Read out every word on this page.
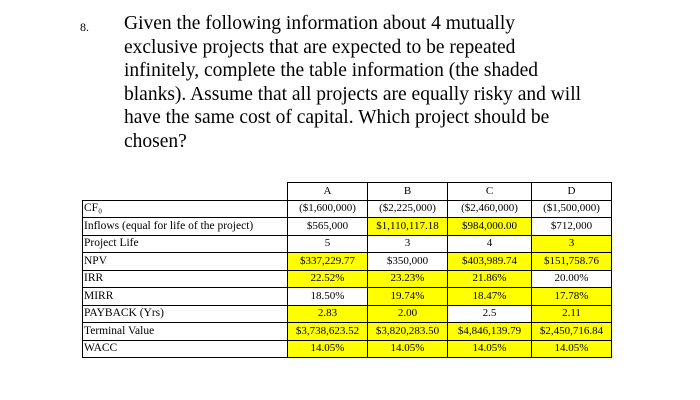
8. Given the following information about 4 mutually
exclusive projects that are expected to be repeated
infinitely, complete the table information (the shaded
blanks). Assume that all projects are equally risky and will
have the same cost of capital. Which project should be
chosen?

	A	B	C	D
CF₀	($1,600,000)	($2,225,000)	($2,460,000)	($1,500,000)
Inflows (equal for life of the project)	$565,000	$1,110,117.18	$984,000.00	$712,000
Project Life	5	3	4	3
NPV	$337,229.77	$350,000	$403,989.74	$151,758.76
IRR	22.52%	23.23%	21.86%	20.00%
MIRR	18.50%	19.74%	18.47%	17.78%
PAYBACK (Yrs)	2.83	2.00	2.5	2.11
Terminal Value	$3,738,623.52	$3,820,283.50	$4,846,139.79	$2,450,716.84
WACC	14.05%	14.05%	14.05%	14.05%
